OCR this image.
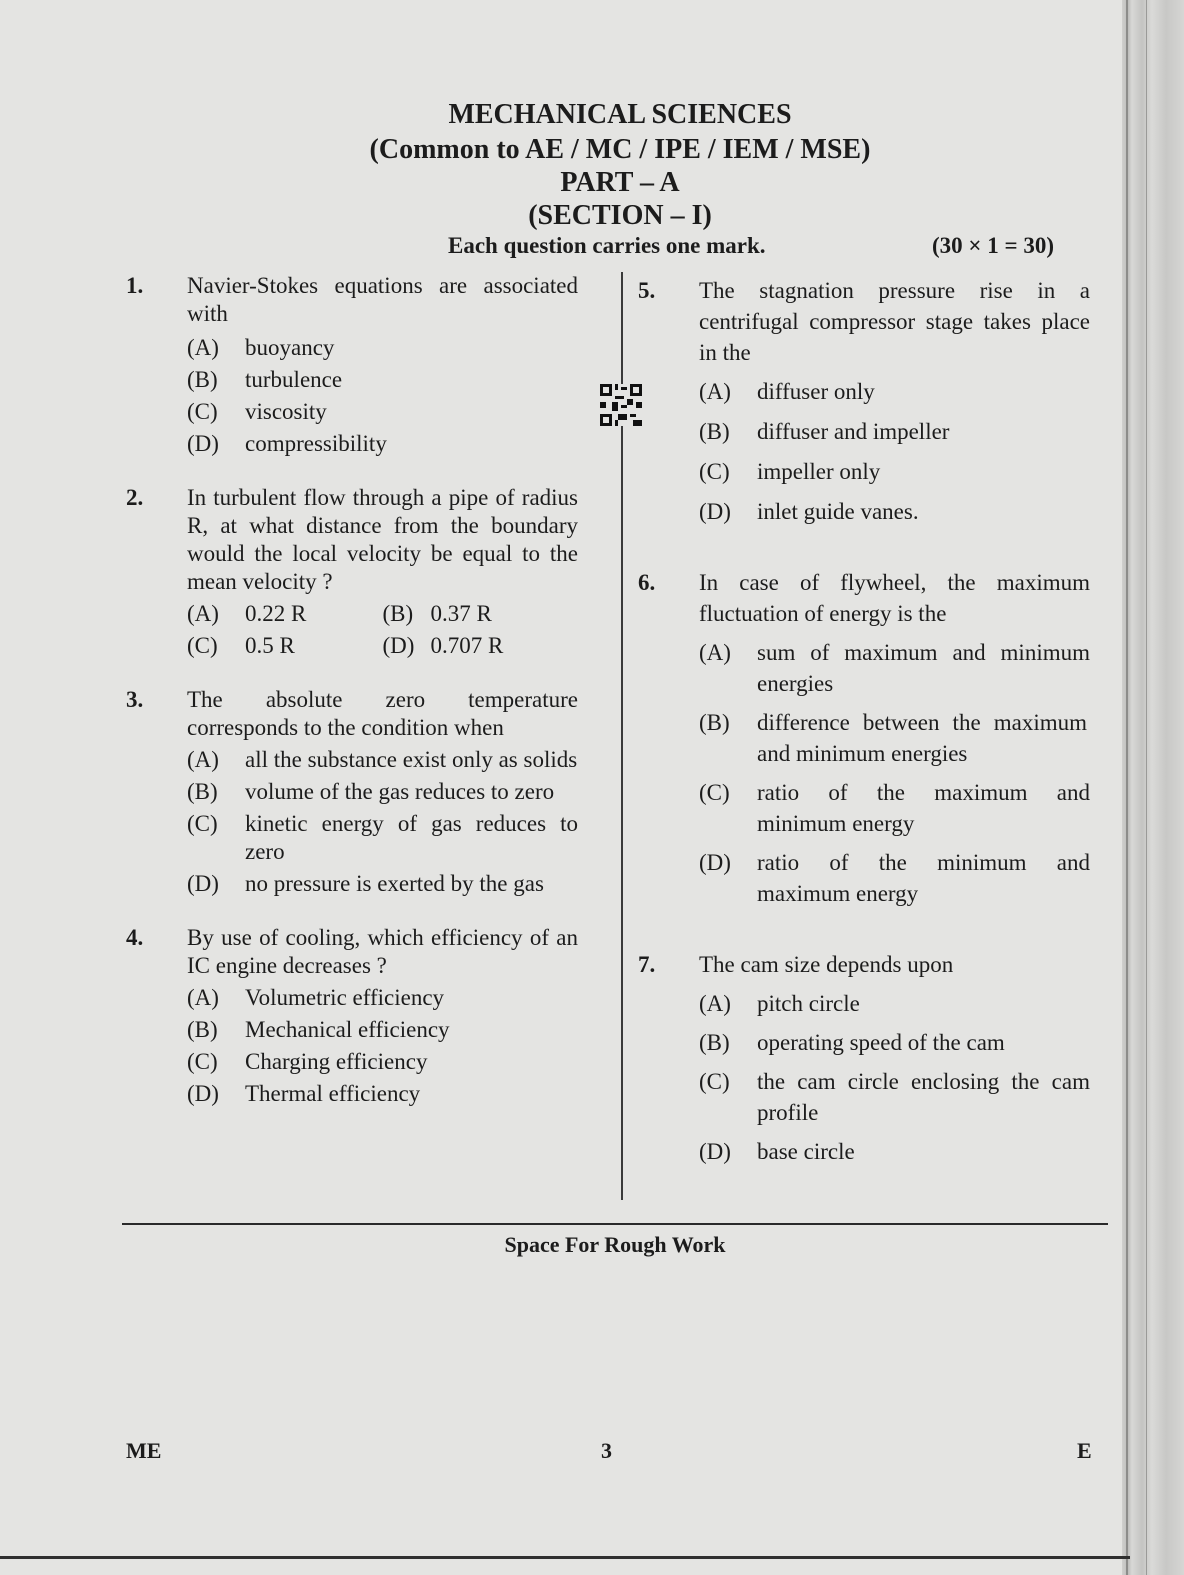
MECHANICAL SCIENCES
(Common to AE / MC / IPE / IEM / MSE)
PART – A
(SECTION – I)
Each question carries one mark.	(30 × 1 = 30)
1.	Navier-Stokes equations are associated with
(A)	buoyancy
(B)	turbulence
(C)	viscosity
(D)	compressibility
2.	In turbulent flow through a pipe of radius R, at what distance from the boundary would the local velocity be equal to the mean velocity ?
(A)	0.22 R	(B) 0.37 R
(C)	0.5 R	(D) 0.707 R
3.	The absolute zero temperature corresponds to the condition when
(A)	all the substance exist only as solids
(B)	volume of the gas reduces to zero
(C)	kinetic energy of gas reduces to zero
(D)	no pressure is exerted by the gas
4.	By use of cooling, which efficiency of an IC engine decreases ?
(A)	Volumetric efficiency
(B)	Mechanical efficiency
(C)	Charging efficiency
(D)	Thermal efficiency
5.	The stagnation pressure rise in a centrifugal compressor stage takes place in the
(A)	diffuser only
(B)	diffuser and impeller
(C)	impeller only
(D)	inlet guide vanes.
6.	In case of flywheel, the maximum fluctuation of energy is the
(A)	sum of maximum and minimum energies
(B)	difference between the maximum and minimum energies
(C)	ratio of the maximum and minimum energy
(D)	ratio of the minimum and maximum energy
7.	The cam size depends upon
(A)	pitch circle
(B)	operating speed of the cam
(C)	the cam circle enclosing the cam profile
(D)	base circle
Space For Rough Work
ME	3	E
